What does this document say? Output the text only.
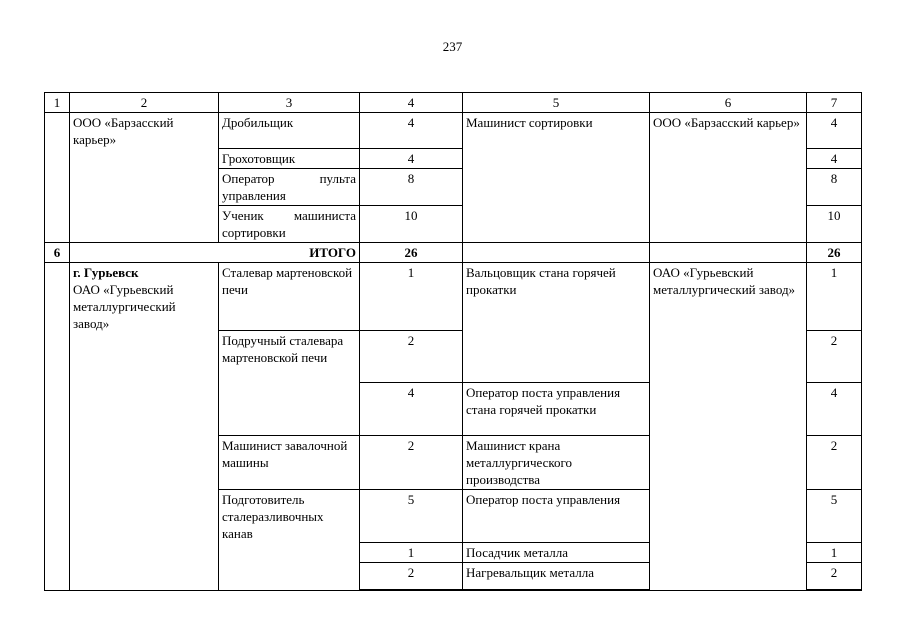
237
1	2	3	4	5	6	7
	ООО «Барзасский карьер»	Дробильщик	4	Машинист сортировки	ООО «Барзасский карьер»	4
		Грохотовщик	4			4

		Оператор пульта
управления	8			8

		Ученик машиниста
сортировки	10			10
6	ИТОГО		26			26

	г. Гурьевск
ОАО «Гурьевский металлургический завод»	Сталевар мартеновской печи	1	Вальцовщик стана горячей прокатки	ОАО «Гурьевский металлургический завод»	1
		Подручный сталевара мартеновской печи	2			2
			4	Оператор поста управления стана горячей прокатки		4
		Машинист завалочной машины	2	Машинист крана металлургического производства		2
		Подготовитель сталеразливочных канав	5	Оператор поста управления		5
			1	Посадчик металла		1
			2	Нагревальщик металла		2
